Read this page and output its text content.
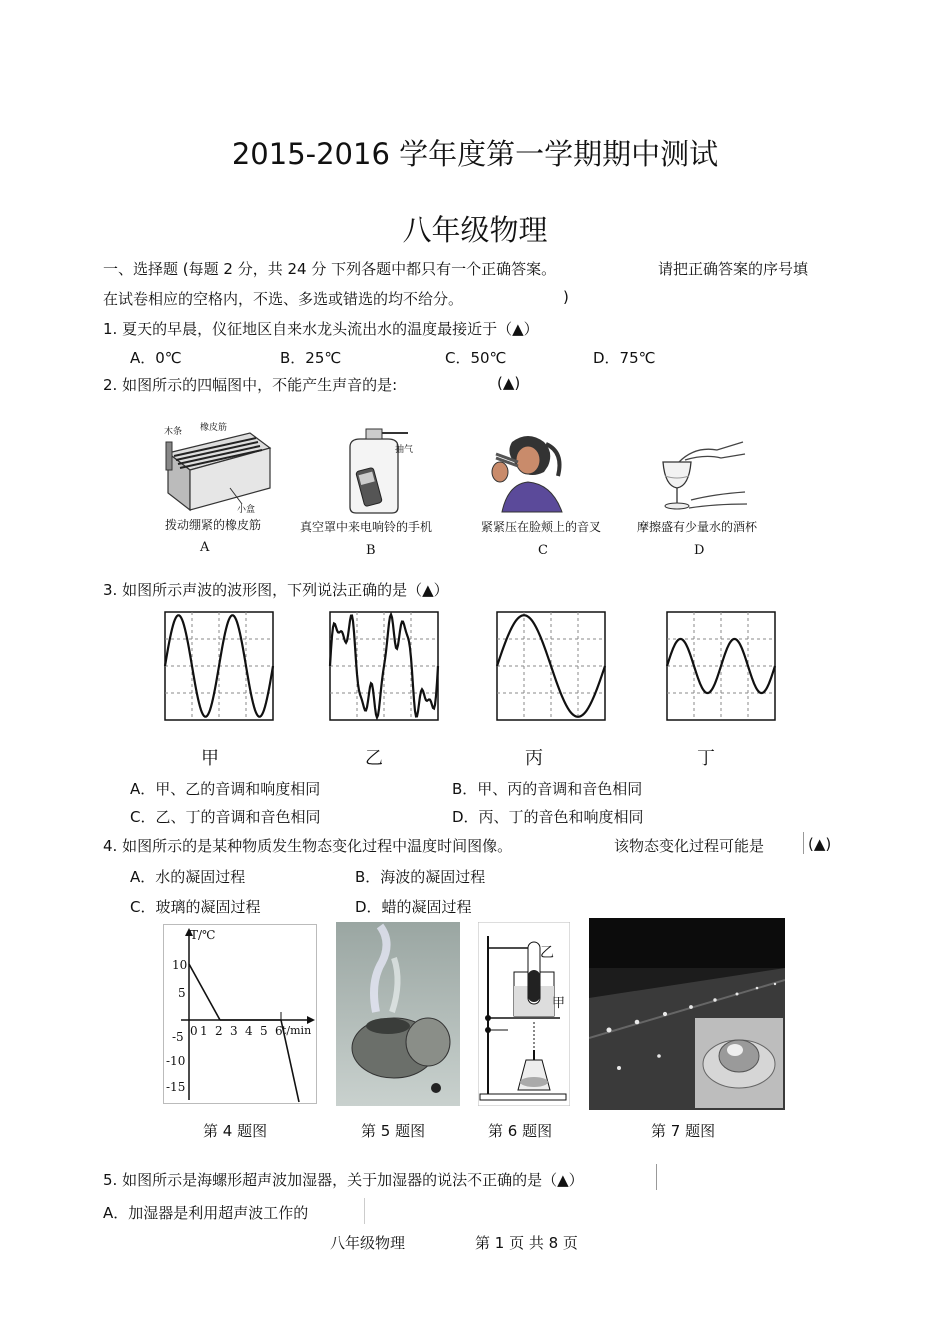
2015-2016 学年度第一学期期中测试
八年级物理
一、选择题 (每题 2 分，共 24 分 下列各题中都只有一个正确答案。	请把正确答案的序号填
在试卷相应的空格内，不选、多选或错选的均不给分。	)
1. 夏天的早晨，仪征地区自来水龙头流出水的温度最接近于（▲）
A．0℃	B．25℃	C．50℃	D．75℃
2. 如图所示的四幅图中，不能产生声音的是:	(▲)
木条 橡皮筋
小盒
抽气
拨动绷紧的橡皮筋	真空罩中来电响铃的手机	紧紧压在脸颊上的音叉	摩擦盛有少量水的酒杯
A	B	C	D
3. 如图所示声波的波形图，下列说法正确的是（▲）
甲	乙	丙	丁
A．甲、乙的音调和响度相同	B．甲、丙的音调和音色相同
C．乙、丁的音调和音色相同	D．丙、丁的音色和响度相同
4. 如图所示的是某种物质发生物态变化过程中温度时间图像。	该物态变化过程可能是	(▲)
A．水的凝固过程	B．海波的凝固过程
C．玻璃的凝固过程	D．蜡的凝固过程
T/℃
t/min
10
5
-5
-10
-15
0 1 2 3 4 5 6
乙
甲
第 4 题图	第 5 题图	第 6 题图	第 7 题图
5. 如图所示是海螺形超声波加湿器，关于加湿器的说法不正确的是（▲）
A．加湿器是利用超声波工作的
八年级物理	第 1 页 共 8 页
